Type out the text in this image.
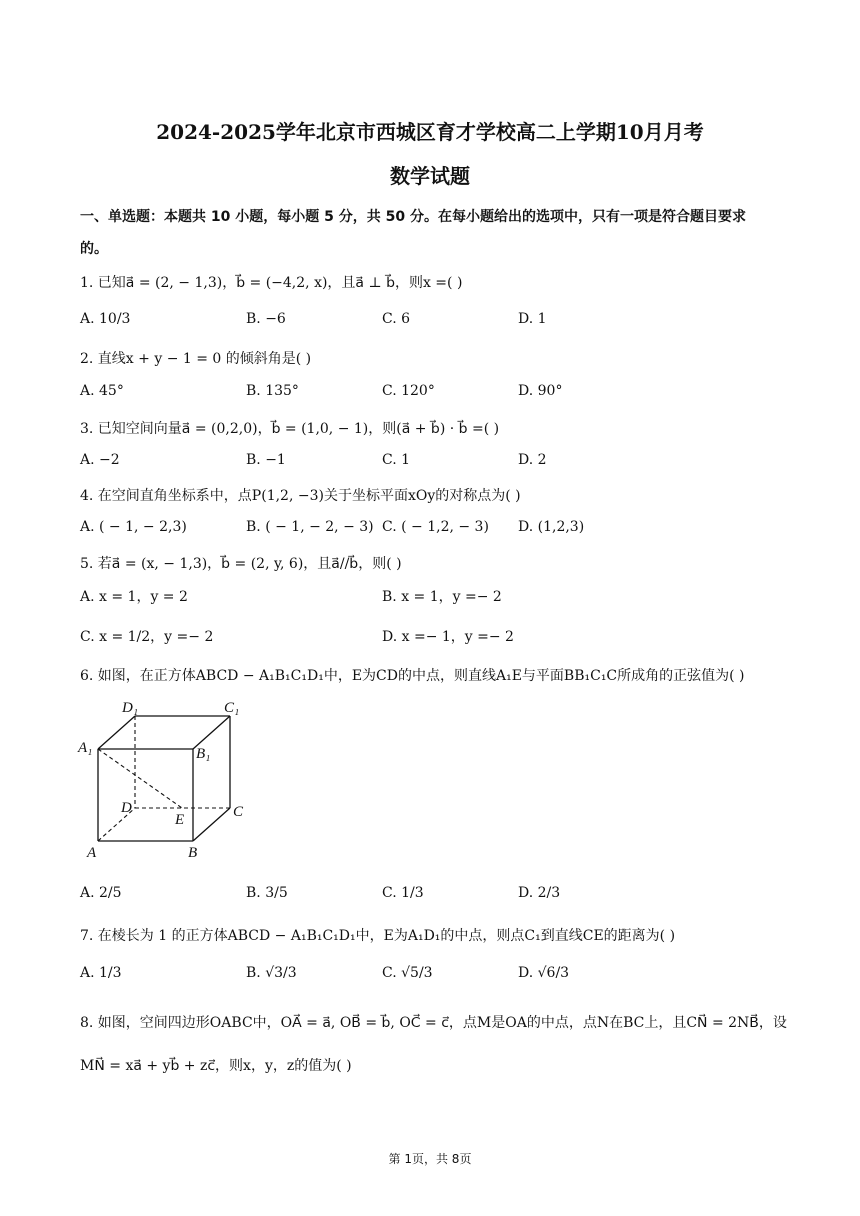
2024-2025学年北京市西城区育才学校高二上学期10月月考
数学试题
一、单选题：本题共 10 小题，每小题 5 分，共 50 分。在每小题给出的选项中，只有一项是符合题目要求
的。
1. 已知a⃗ = (2, − 1,3)，b⃗ = (−4,2, x)，且a⃗ ⊥ b⃗，则x =( )
A. 10/3	B. −6	C. 6	D. 1
2. 直线x + y − 1 = 0 的倾斜角是( )
A. 45°	B. 135°	C. 120°	D. 90°
3. 已知空间向量a⃗ = (0,2,0)，b⃗ = (1,0, − 1)，则(a⃗ + b⃗) · b⃗ =( )
A. −2	B. −1	C. 1	D. 2
4. 在空间直角坐标系中，点P(1,2, −3)关于坐标平面xOy的对称点为( )
A. ( − 1, − 2,3)	B. ( − 1, − 2, − 3) C. ( − 1,2, − 3) D. (1,2,3)
5. 若a⃗ = (x, − 1,3)，b⃗ = (2, y, 6)，且a⃗//b⃗，则( )
A. x = 1，y = 2	B. x = 1，y =− 2
C. x = 1/2，y =− 2	D. x =− 1，y =− 2
6. 如图，在正方体ABCD − A₁B₁C₁D₁中，E为CD的中点，则直线A₁E与平面BB₁C₁C所成角的正弦值为( )
D₁	C₁
A₁	B₁
D	C
E
A	B
A. 2/5	B. 3/5	C. 1/3	D. 2/3
7. 在棱长为 1 的正方体ABCD − A₁B₁C₁D₁中，E为A₁D₁的中点，则点C₁到直线CE的距离为( )
A. 1/3	B. √3/3	C. √5/3	D. √6/3
8. 如图，空间四边形OABC中，OA⃗ = a⃗, OB⃗ = b⃗, OC⃗ = c⃗，点M是OA的中点，点N在BC上，且CN⃗ = 2NB⃗，设
MN⃗ = xa⃗ + yb⃗ + zc⃗，则x，y，z的值为( )
第 1页，共 8页
